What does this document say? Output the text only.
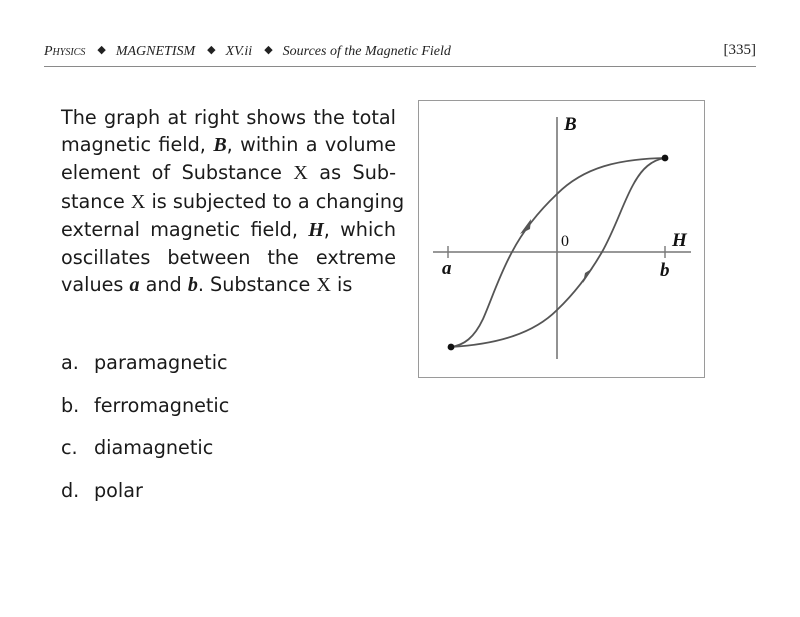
Physics ◆ MAGNETISM ◆ XV.ii ◆ Sources of the Magnetic Field	[335]
The graph at right shows the total
magnetic field, B, within a volume
element of Substance X as Sub-
stance X is subjected to a changing
external magnetic field, H, which
oscillates between the extreme
values a and b. Substance X is
a. paramagnetic
b. ferromagnetic
c. diamagnetic
d. polar
B
H
0
a	b
